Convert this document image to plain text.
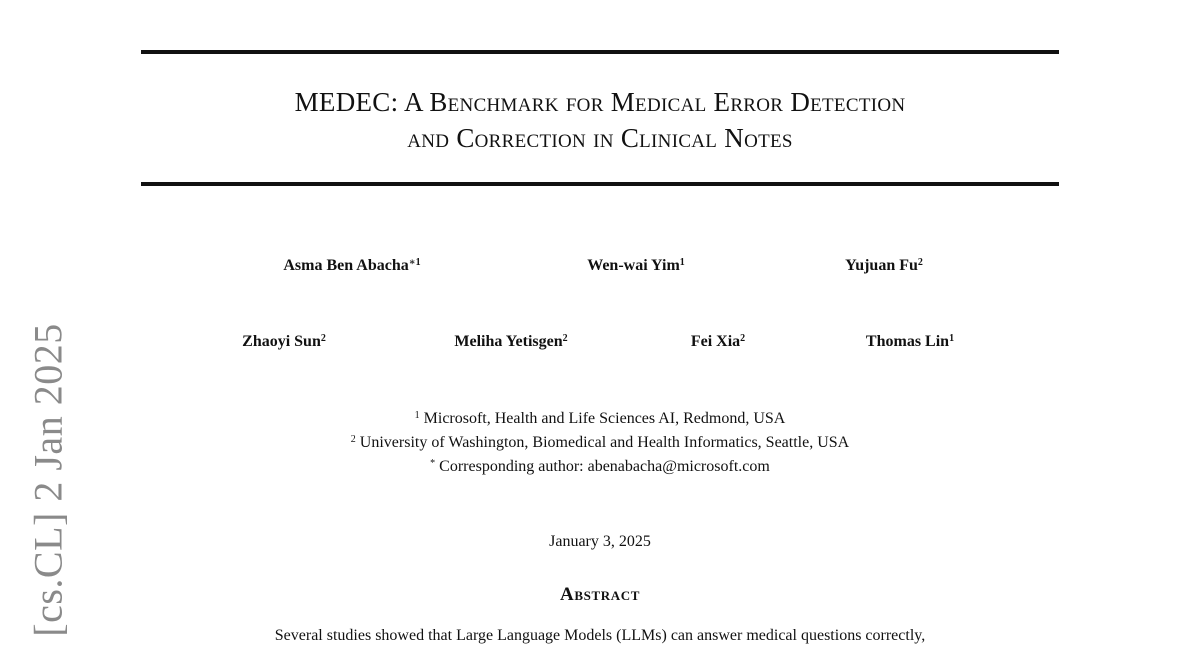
[cs.CL] 2 Jan 2025
MEDEC: A Benchmark for Medical Error Detection
and Correction in Clinical Notes
Asma Ben Abacha$^{∗1}$	Wen-wai Yim$^1$	Yujuan Fu$^2$
Zhaoyi Sun$^2$	Meliha Yetisgen$^2$	Fei Xia$^2$	Thomas Lin$^1$
$^1$ Microsoft, Health and Life Sciences AI, Redmond, USA
$^2$ University of Washington, Biomedical and Health Informatics, Seattle, USA
* Corresponding author: abenabacha@microsoft.com
January 3, 2025
Abstract
Several studies showed that Large Language Models (LLMs) can answer medical questions correctly,
